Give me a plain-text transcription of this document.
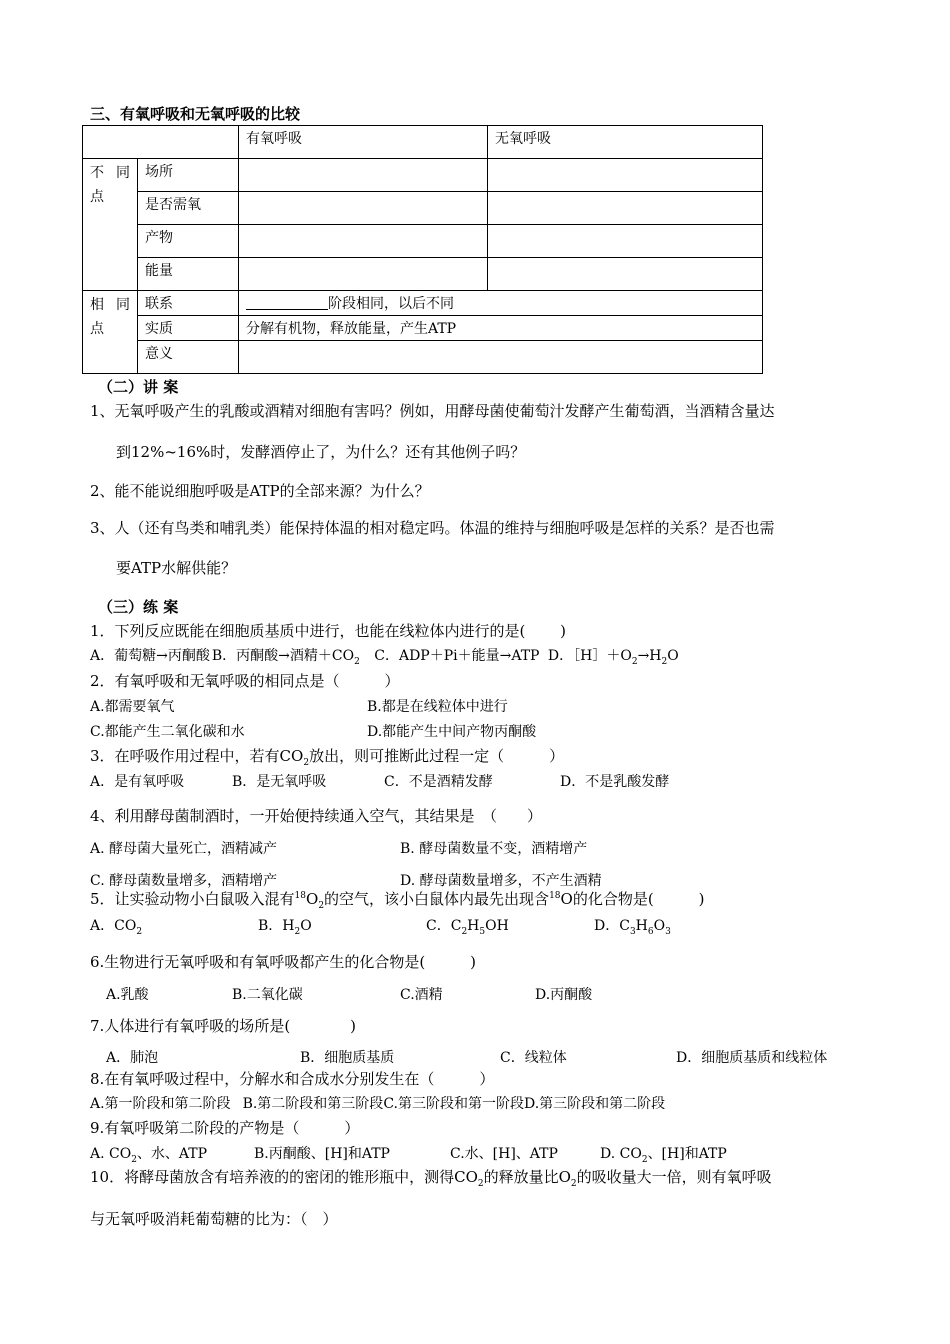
三、有氧呼吸和无氧呼吸的比较
		有氧呼吸	无氧呼吸
不 同 点	场所		
	是否需氧		
	产物		
	能量		
相 同 点	联系	阶段相同，以后不同	
	实质	分解有机物，释放能量，产生ATP	
	意义		
（二）讲 案
1、无氧呼吸产生的乳酸或酒精对细胞有害吗？例如，用酵母菌使葡萄汁发酵产生葡萄酒，当酒精含量达
到12%~16%时，发酵酒停止了，为什么？还有其他例子吗？
2、能不能说细胞呼吸是ATP的全部来源？为什么？
3、人（还有鸟类和哺乳类）能保持体温的相对稳定吗。体温的维持与细胞呼吸是怎样的关系？是否也需
要ATP水解供能？
（三）练 案
1．下列反应既能在细胞质基质中进行，也能在线粒体内进行的是(　　 )
A．葡萄糖→丙酮酸 B．丙酮酸→酒精$+CO_2$ C．ADP＋Pi＋能量→ATP D．$[H]+O_2\to H_2O$
2．有氧呼吸和无氧呼吸的相同点是（　　　）
A.都需要氧气	B.都是在线粒体中进行
C.都能产生二氧化碳和水	D.都能产生中间产物丙酮酸
3．在呼吸作用过程中，若有$CO_2$放出，则可推断此过程一定（　　　）
A．是有氧呼吸	B．是无氧呼吸	C．不是酒精发酵	D．不是乳酸发酵
4、利用酵母菌制酒时，一开始便持续通入空气，其结果是　（　　）
A. 酵母菌大量死亡，酒精减产	B. 酵母菌数量不变，酒精增产
C. 酵母菌数量增多，酒精增产	D. 酵母菌数量增多，不产生酒精
5．让实验动物小白鼠吸入混有$^{18}O_2$的空气，该小白鼠体内最先出现含$^{18}$O的化合物是(　　　)
A．$CO_2$	B．$H_2O$	C．$C_2H_5OH$	D．$C_3H_6O_3$
6.生物进行无氧呼吸和有氧呼吸都产生的化合物是(　　　)
A.乳酸	B.二氧化碳	C.酒精	D.丙酮酸
7.人体进行有氧呼吸的场所是(　　　　)
A．肺泡	B．细胞质基质	C．线粒体	D．细胞质基质和线粒体
8.在有氧呼吸过程中，分解水和合成水分别发生在（　　　）
A.第一阶段和第二阶段 B.第二阶段和第三阶段C.第三阶段和第一阶段D.第三阶段和第二阶段
9.有氧呼吸第二阶段的产物是（　　　）
A. $CO_2$、水、ATP	B.丙酮酸、[H]和ATP	C.水、[H]、ATP	D. $CO_2$、[H]和ATP
10．将酵母菌放含有培养液的的密闭的锥形瓶中，测得$CO_2$的释放量比$O_2$的吸收量大一倍，则有氧呼吸
与无氧呼吸消耗葡萄糖的比为：（　）
